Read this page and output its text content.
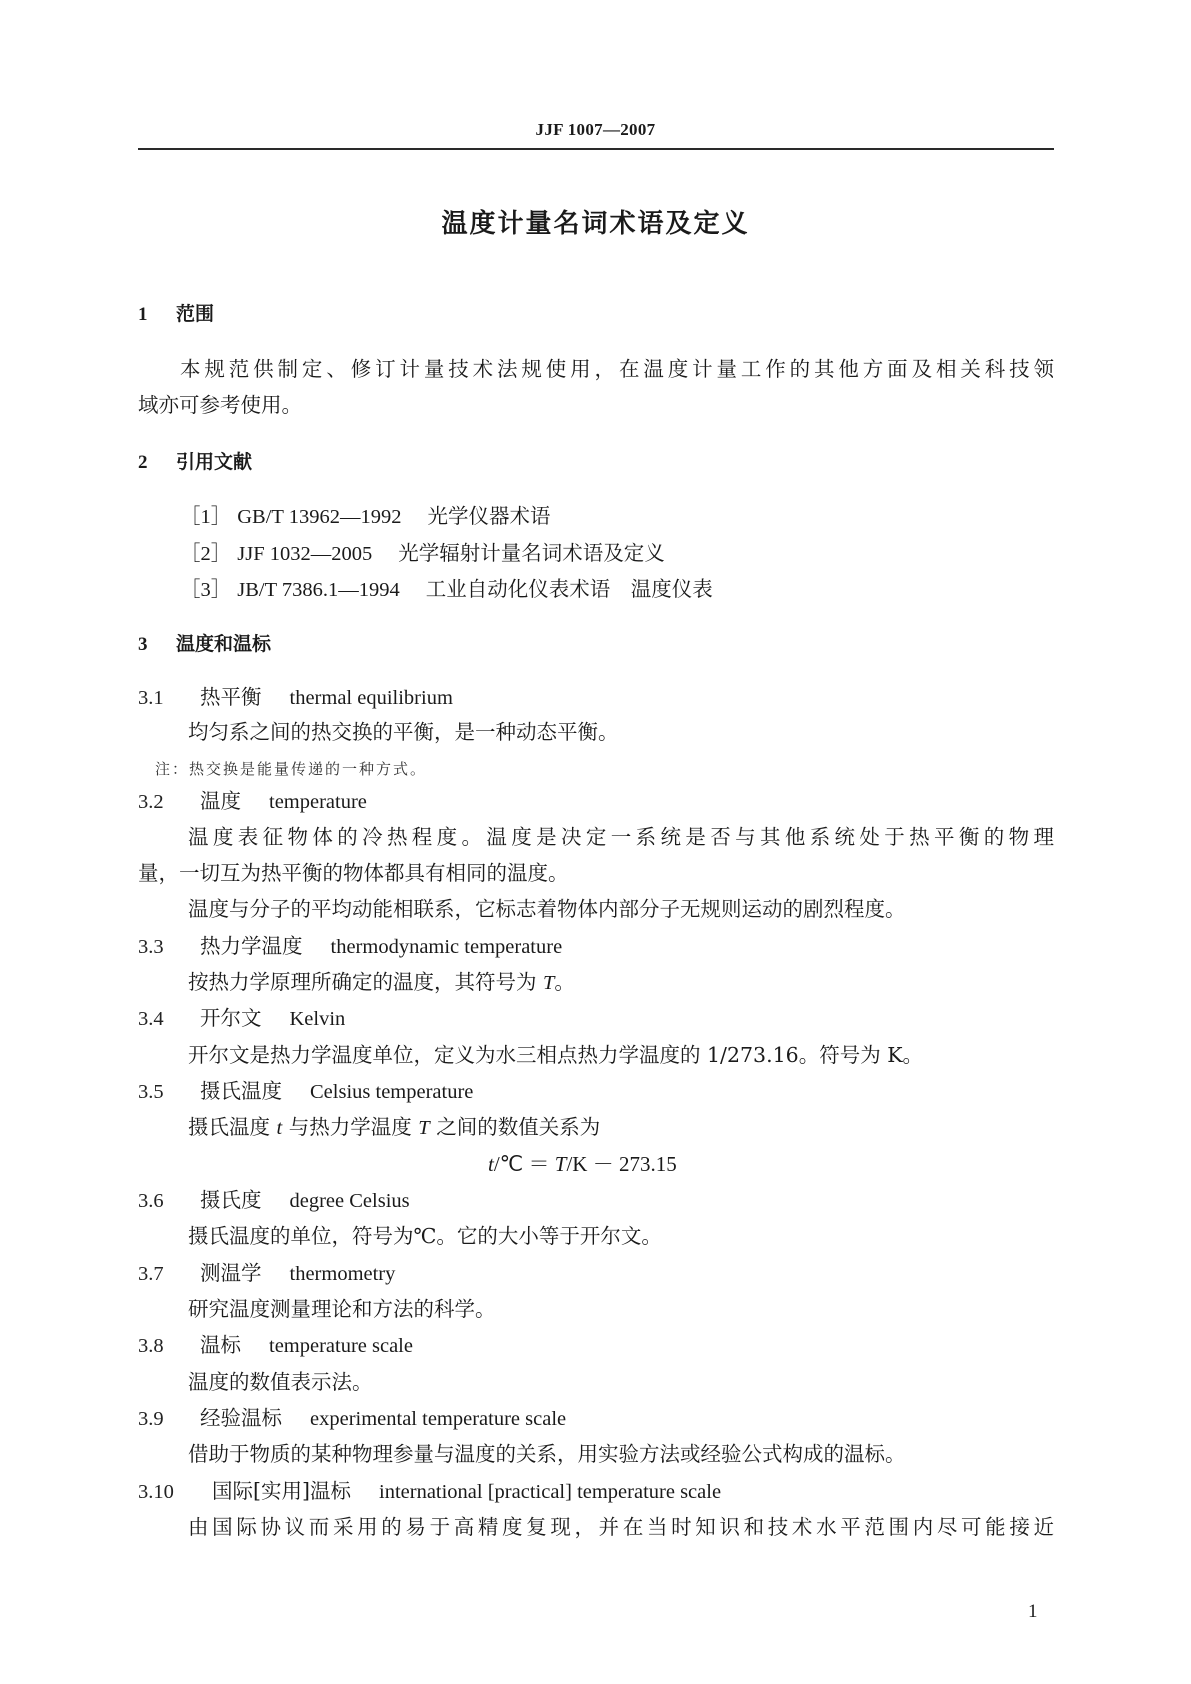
JJF 1007—2007
温度计量名词术语及定义
1 范围
本规范供制定、修订计量技术法规使用，在温度计量工作的其他方面及相关科技领
域亦可参考使用。
2 引用文献
［1］ GB/T 13962—1992 光学仪器术语
［2］ JJF 1032—2005 光学辐射计量名词术语及定义
［3］ JB/T 7386.1—1994 工业自动化仪表术语　温度仪表
3 温度和温标
3.1 热平衡 thermal equilibrium
均匀系之间的热交换的平衡，是一种动态平衡。
注：热交换是能量传递的一种方式。
3.2 温度 temperature
温度表征物体的冷热程度。温度是决定一系统是否与其他系统处于热平衡的物理
量，一切互为热平衡的物体都具有相同的温度。
温度与分子的平均动能相联系，它标志着物体内部分子无规则运动的剧烈程度。
3.3 热力学温度 thermodynamic temperature
按热力学原理所确定的温度，其符号为 T。
3.4 开尔文 Kelvin
开尔文是热力学温度单位，定义为水三相点热力学温度的 1/273.16。符号为 K。
3.5 摄氏温度 Celsius temperature
摄氏温度 t 与热力学温度 T 之间的数值关系为
t/℃ ＝ T/K － 273.15
3.6 摄氏度 degree Celsius
摄氏温度的单位，符号为℃。它的大小等于开尔文。
3.7 测温学 thermometry
研究温度测量理论和方法的科学。
3.8 温标 temperature scale
温度的数值表示法。
3.9 经验温标 experimental temperature scale
借助于物质的某种物理参量与温度的关系，用实验方法或经验公式构成的温标。
3.10 国际[实用]温标 international [practical] temperature scale
由国际协议而采用的易于高精度复现，并在当时知识和技术水平范围内尽可能接近
1
